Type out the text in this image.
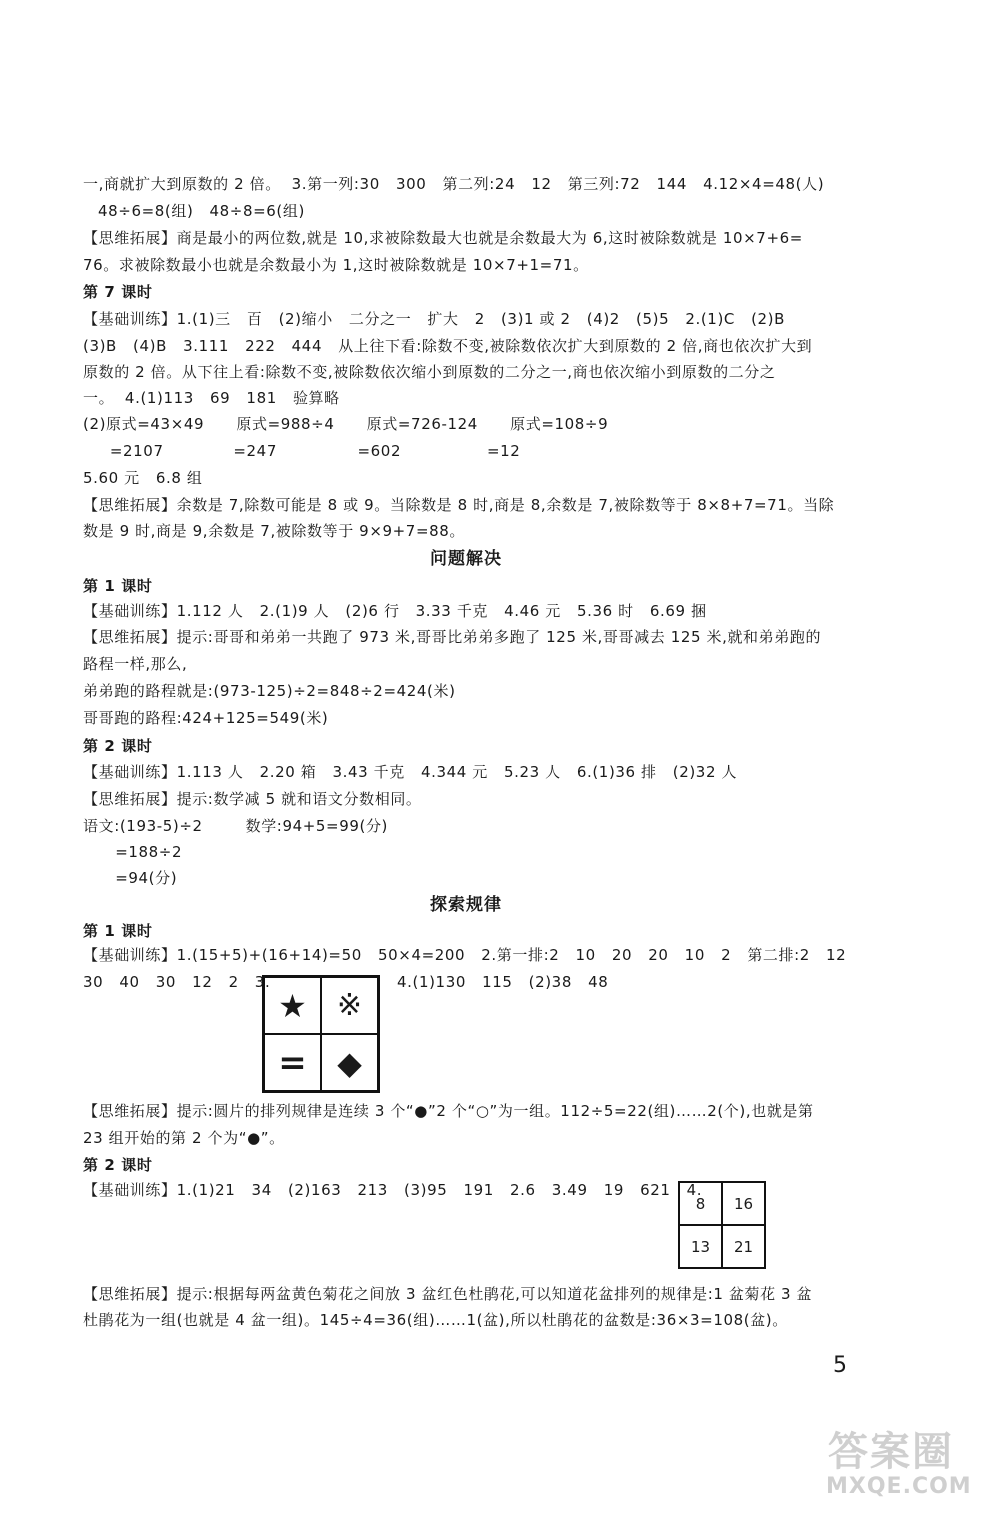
一,商就扩大到原数的 2 倍。  3.第一列:30   300   第二列:24   12   第三列:72   144   4.12×4=48(人)
48÷6=8(组)   48÷8=6(组)
【思维拓展】商是最小的两位数,就是 10,求被除数最大也就是余数最大为 6,这时被除数就是 10×7+6=
76。求被除数最小也就是余数最小为 1,这时被除数就是 10×7+1=71。
第 7 课时
【基础训练】1.(1)三   百   (2)缩小   二分之一   扩大   2   (3)1 或 2   (4)2   (5)5   2.(1)C   (2)B
(3)B   (4)B   3.111   222   444   从上往下看:除数不变,被除数依次扩大到原数的 2 倍,商也依次扩大到
原数的 2 倍。从下往上看:除数不变,被除数依次缩小到原数的二分之一,商也依次缩小到原数的二分之
一。  4.(1)113   69   181   验算略
(2)原式=43×49      原式=988÷4      原式=726-124      原式=108÷9
=2107             =247               =602                =12
5.60 元   6.8 组
【思维拓展】余数是 7,除数可能是 8 或 9。当除数是 8 时,商是 8,余数是 7,被除数等于 8×8+7=71。当除
数是 9 时,商是 9,余数是 7,被除数等于 9×9+7=88。
问题解决
第 1 课时
【基础训练】1.112 人   2.(1)9 人   (2)6 行   3.33 千克   4.46 元   5.36 时   6.69 捆
【思维拓展】提示:哥哥和弟弟一共跑了 973 米,哥哥比弟弟多跑了 125 米,哥哥减去 125 米,就和弟弟跑的
路程一样,那么,
弟弟跑的路程就是:(973-125)÷2=848÷2=424(米)
哥哥跑的路程:424+125=549(米)
第 2 课时
【基础训练】1.113 人   2.20 箱   3.43 千克   4.344 元   5.23 人   6.(1)36 排   (2)32 人
【思维拓展】提示:数学减 5 就和语文分数相同。
语文:(193-5)÷2        数学:94+5=99(分)
=188÷2
=94(分)
探索规律
第 1 课时
【基础训练】1.(15+5)+(16+14)=50   50×4=200   2.第一排:2   10   20   20   10   2   第二排:2   12
30   40   30   12   2   3.
★	※
= ◆
4.(1)130   115   (2)38   48
【思维拓展】提示:圆片的排列规律是连续 3 个“●”2 个“○”为一组。112÷5=22(组)……2(个),也就是第
23 组开始的第 2 个为“●”。
第 2 课时
【基础训练】1.(1)21   34   (2)163   213   (3)95   191   2.6   3.49   19   621   4.
8	16
13	21
【思维拓展】提示:根据每两盆黄色菊花之间放 3 盆红色杜鹃花,可以知道花盆排列的规律是:1 盆菊花 3 盆
杜鹃花为一组(也就是 4 盆一组)。145÷4=36(组)……1(盆),所以杜鹃花的盆数是:36×3=108(盆)。
5
答案圈
MXQE.COM
